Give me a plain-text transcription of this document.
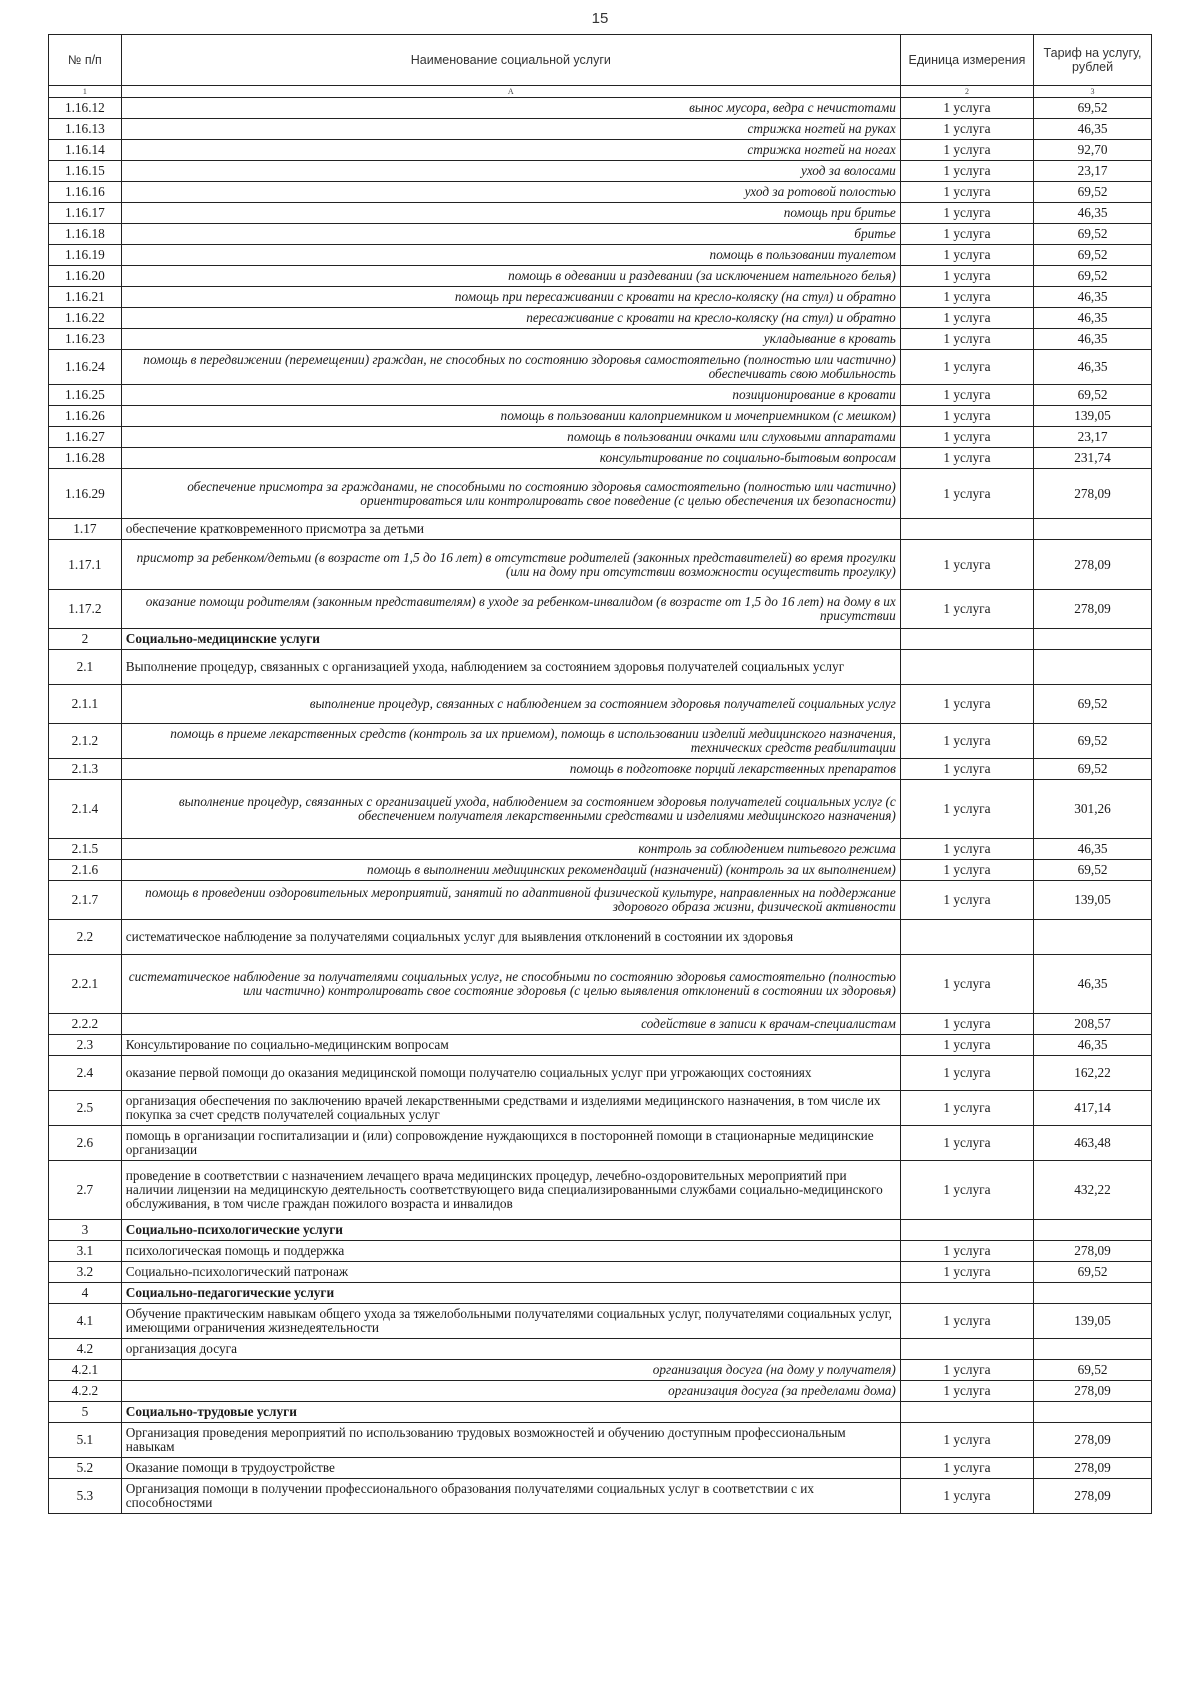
15
№ п/п	Наименование социальной услуги	Единица измерения	Тариф на услугу, рублей
1	А	2	3
1.16.12	вынос мусора, ведра с нечистотами	1 услуга	69,52
1.16.13	стрижка ногтей на руках	1 услуга	46,35
1.16.14	стрижка ногтей на ногах	1 услуга	92,70
1.16.15	уход за волосами	1 услуга	23,17
1.16.16	уход за ротовой полостью	1 услуга	69,52
1.16.17	помощь при бритье	1 услуга	46,35
1.16.18	бритье	1 услуга	69,52
1.16.19	помощь в пользовании туалетом	1 услуга	69,52
1.16.20	помощь в одевании и раздевании (за исключением нательного белья)	1 услуга	69,52
1.16.21	помощь при пересаживании с кровати на кресло-коляску (на стул) и обратно	1 услуга	46,35
1.16.22	пересаживание с кровати на кресло-коляску (на стул) и обратно	1 услуга	46,35
1.16.23	укладывание в кровать	1 услуга	46,35
1.16.24	помощь в передвижении (перемещении) граждан, не способных по состоянию здоровья самостоятельно (полностью или частично) обеспечивать свою мобильность	1 услуга	46,35
1.16.25	позиционирование в кровати	1 услуга	69,52
1.16.26	помощь в пользовании калоприемником и мочеприемником (с мешком)	1 услуга	139,05
1.16.27	помощь в пользовании очками или слуховыми аппаратами	1 услуга	23,17
1.16.28	консультирование по социально-бытовым вопросам	1 услуга	231,74
1.16.29	обеспечение присмотра за гражданами, не способными по состоянию здоровья самостоятельно (полностью или частично) ориентироваться или контролировать свое поведение (с целью обеспечения их безопасности)	1 услуга	278,09
1.17	обеспечение кратковременного присмотра за детьми		
1.17.1	присмотр за ребенком/детьми (в возрасте от 1,5 до 16 лет) в отсутствие родителей (законных представителей) во время прогулки (или на дому при отсутствии возможности осуществить прогулку)	1 услуга	278,09
1.17.2	оказание помощи родителям (законным представителям) в уходе за ребенком-инвалидом (в возрасте от 1,5 до 16 лет) на дому в их присутствии	1 услуга	278,09
2	Социально-медицинские услуги		
2.1	Выполнение процедур, связанных с организацией ухода, наблюдением за состоянием здоровья получателей социальных услуг		
2.1.1	выполнение процедур, связанных с наблюдением за состоянием здоровья получателей социальных услуг	1 услуга	69,52
2.1.2	помощь в приеме лекарственных средств (контроль за их приемом), помощь в использовании изделий медицинского назначения, технических средств реабилитации	1 услуга	69,52
2.1.3	помощь в подготовке порций лекарственных препаратов	1 услуга	69,52
2.1.4	выполнение процедур, связанных с организацией ухода, наблюдением за состоянием здоровья получателей социальных услуг (с обеспечением получателя лекарственными средствами и изделиями медицинского назначения)	1 услуга	301,26
2.1.5	контроль за соблюдением питьевого режима	1 услуга	46,35
2.1.6	помощь в выполнении медицинских рекомендаций (назначений) (контроль за их выполнением)	1 услуга	69,52
2.1.7	помощь в проведении оздоровительных мероприятий, занятий по адаптивной физической культуре, направленных на поддержание здорового образа жизни, физической активности	1 услуга	139,05
2.2	систематическое наблюдение за получателями социальных услуг для выявления отклонений в состоянии их здоровья		
2.2.1	систематическое наблюдение за получателями социальных услуг, не способными по состоянию здоровья самостоятельно (полностью или частично) контролировать свое состояние здоровья (с целью выявления отклонений в состоянии их здоровья)	1 услуга	46,35
2.2.2	содействие в записи к врачам-специалистам	1 услуга	208,57
2.3	Консультирование по социально-медицинским вопросам	1 услуга	46,35
2.4	оказание первой помощи до оказания медицинской помощи получателю социальных услуг при угрожающих состояниях	1 услуга	162,22
2.5	организация обеспечения по заключению врачей лекарственными средствами и изделиями медицинского назначения, в том числе их покупка за счет средств получателей социальных услуг	1 услуга	417,14
2.6	помощь в организации госпитализации и (или) сопровождение нуждающихся в посторонней помощи в стационарные медицинские организации	1 услуга	463,48
2.7	проведение в соответствии с назначением лечащего врача медицинских процедур, лечебно-оздоровительных мероприятий при наличии лицензии на медицинскую деятельность соответствующего вида специализированными службами социально-медицинского обслуживания, в том числе граждан пожилого возраста и инвалидов	1 услуга	432,22
3	Социально-психологические услуги		
3.1	психологическая помощь и поддержка	1 услуга	278,09
3.2	Социально-психологический патронаж	1 услуга	69,52
4	Социально-педагогические услуги		
4.1	Обучение практическим навыкам общего ухода за тяжелобольными получателями социальных услуг, получателями социальных услуг, имеющими ограничения жизнедеятельности	1 услуга	139,05
4.2	организация досуга		
4.2.1	организация досуга (на дому у получателя)	1 услуга	69,52
4.2.2	организация досуга (за пределами дома)	1 услуга	278,09
5	Социально-трудовые услуги		
5.1	Организация проведения мероприятий по использованию трудовых возможностей и обучению доступным профессиональным навыкам	1 услуга	278,09
5.2	Оказание помощи в трудоустройстве	1 услуга	278,09
5.3	Организация помощи в получении профессионального образования получателями социальных услуг в соответствии с их способностями	1 услуга	278,09
